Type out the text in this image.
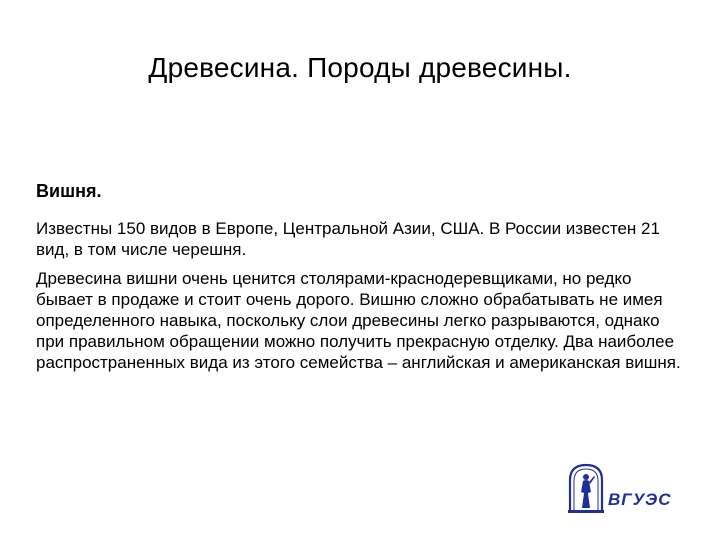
Древесина. Породы древесины.
Вишня.

Известны 150 видов в Европе, Центральной Азии, США. В России известен 21 вид, в том числе черешня.

Древесина вишни очень ценится столярами-краснодеревщиками, но редко бывает в продаже и стоит очень дорого. Вишню сложно обрабатывать не имея определенного навыка, поскольку слои древесины легко разрываются, однако при правильном обращении можно получить прекрасную отделку. Два наиболее распространенных вида из этого семейства – английская и американская вишня.

ВГУЭС
